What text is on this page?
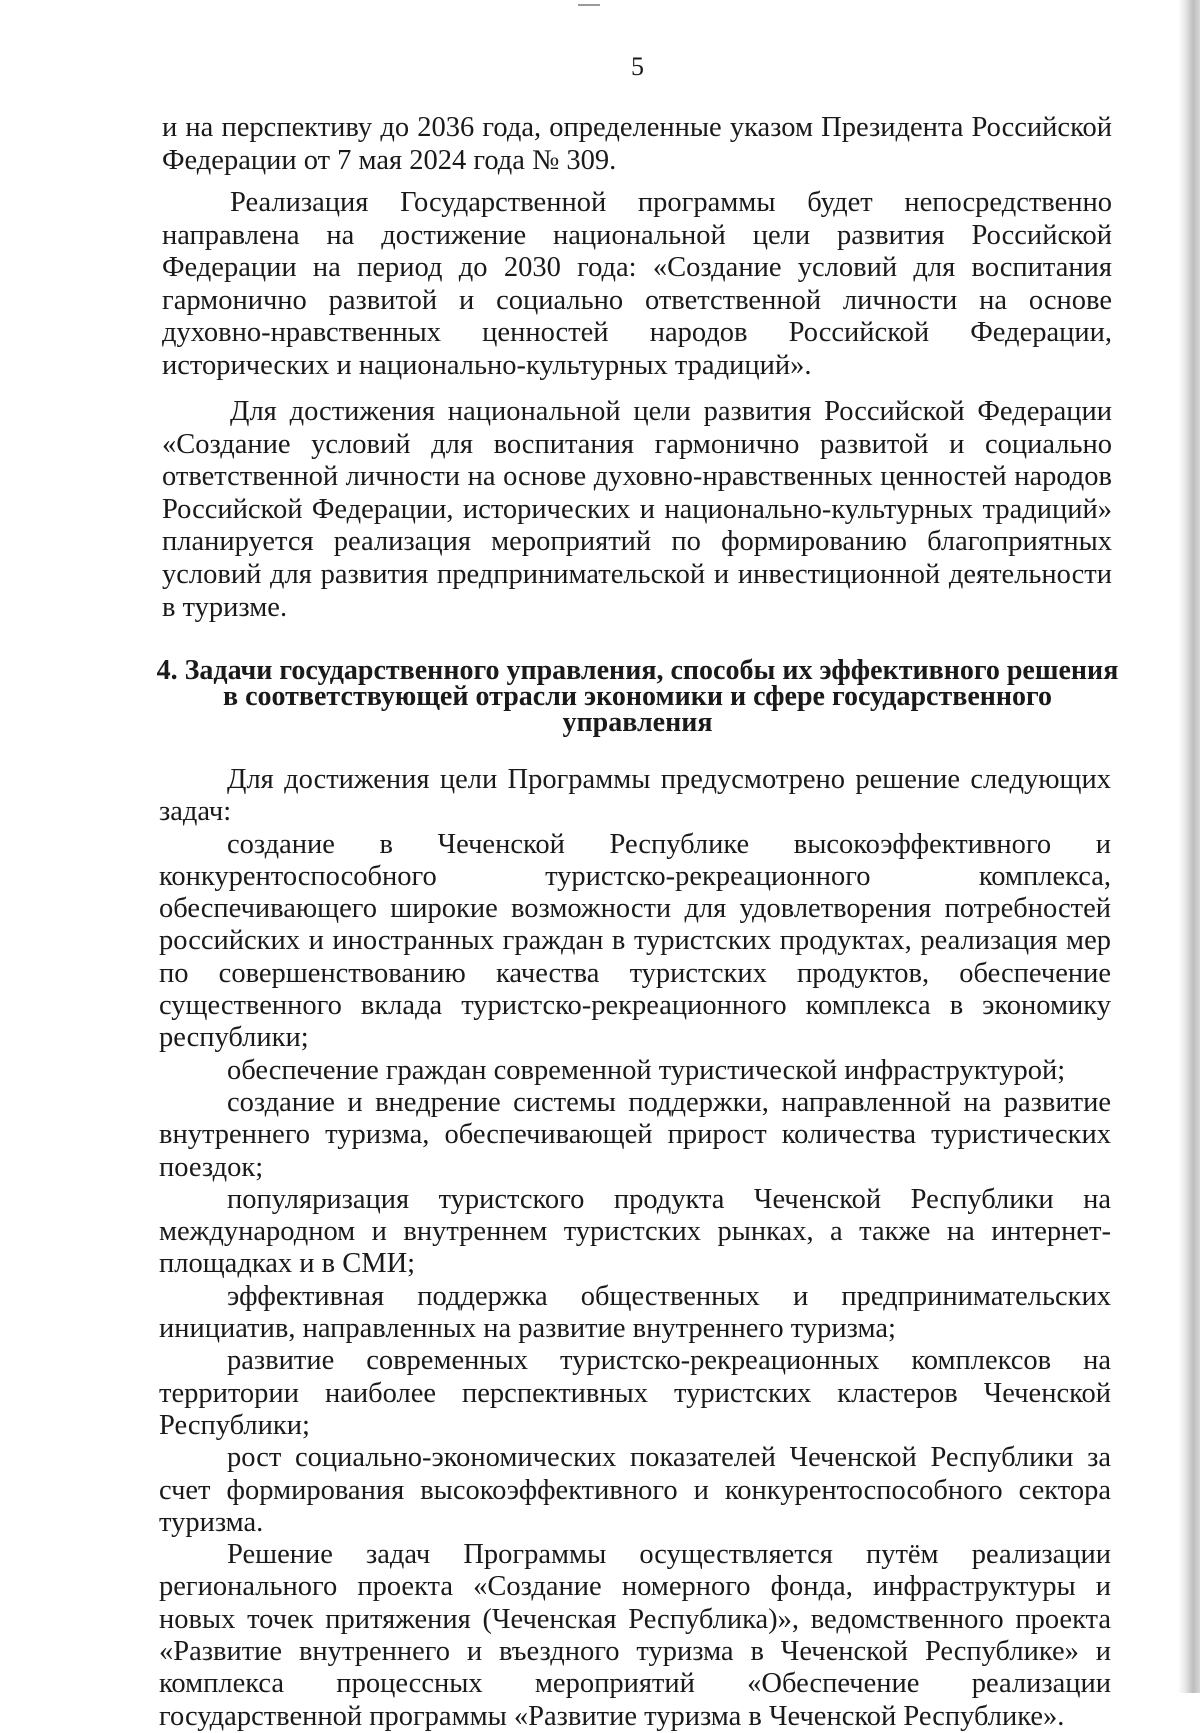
5

и на перспективу до 2036 года, определенные указом Президента Российской Федерации от 7 мая 2024 года № 309.

Реализация Государственной программы будет непосредственно направлена на достижение национальной цели развития Российской Федерации на период до 2030 года: «Создание условий для воспитания гармонично развитой и социально ответственной личности на основе духовно-нравственных ценностей народов Российской Федерации, исторических и национально-культурных традиций».

Для достижения национальной цели развития Российской Федерации «Создание условий для воспитания гармонично развитой и социально ответственной личности на основе духовно-нравственных ценностей народов Российской Федерации, исторических и национально-культурных традиций» планируется реализация мероприятий по формированию благоприятных условий для развития предпринимательской и инвестиционной деятельности в туризме.

4. Задачи государственного управления, способы их эффективного решения в соответствующей отрасли экономики и сфере государственного управления

Для достижения цели Программы предусмотрено решение следующих задач:

создание в Чеченской Республике высокоэффективного и конкурентоспособного туристско-рекреационного комплекса, обеспечивающего широкие возможности для удовлетворения потребностей российских и иностранных граждан в туристских продуктах, реализация мер по совершенствованию качества туристских продуктов, обеспечение существенного вклада туристско-рекреационного комплекса в экономику республики;

обеспечение граждан современной туристической инфраструктурой;

создание и внедрение системы поддержки, направленной на развитие внутреннего туризма, обеспечивающей прирост количества туристических поездок;

популяризация туристского продукта Чеченской Республики на международном и внутреннем туристских рынках, а также на интернет-площадках и в СМИ;

эффективная поддержка общественных и предпринимательских инициатив, направленных на развитие внутреннего туризма;

развитие современных туристско-рекреационных комплексов на территории наиболее перспективных туристских кластеров Чеченской Республики;

рост социально-экономических показателей Чеченской Республики за счет формирования высокоэффективного и конкурентоспособного сектора туризма.

Решение задач Программы осуществляется путём реализации регионального проекта «Создание номерного фонда, инфраструктуры и новых точек притяжения (Чеченская Республика)», ведомственного проекта «Развитие внутреннего и въездного туризма в Чеченской Республике» и комплекса процессных мероприятий «Обеспечение реализации государственной программы «Развитие туризма в Чеченской Республике».
